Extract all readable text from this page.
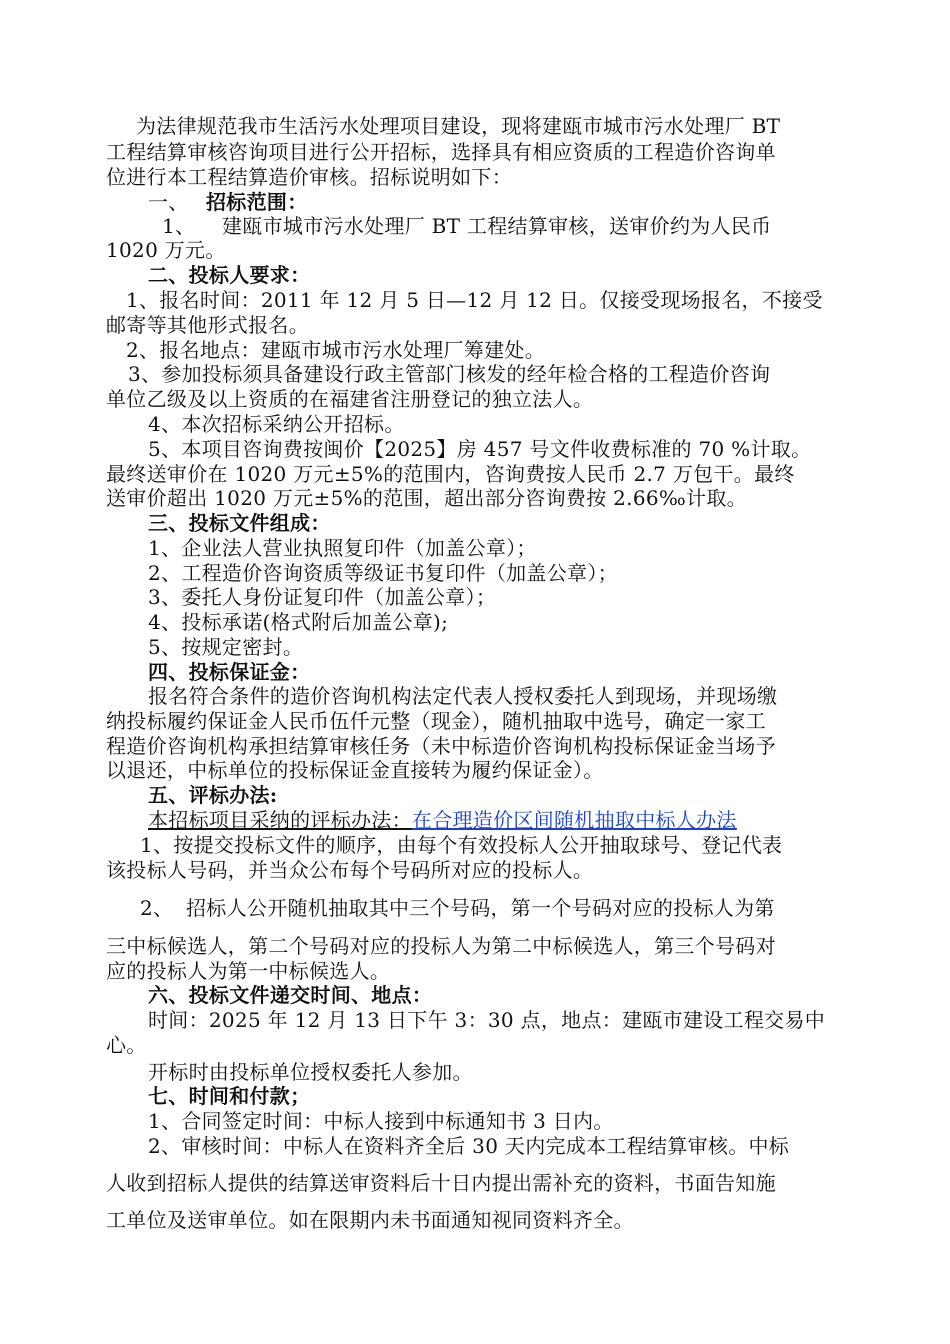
为法律规范我市生活污水处理项目建设，现将建瓯市城市污水处理厂 BT

工程结算审核咨询项目进行公开招标，选择具有相应资质的工程造价咨询单

位进行本工程结算造价审核。招标说明如下：

一、 招标范围：

1、 建瓯市城市污水处理厂 BT 工程结算审核，送审价约为人民币

1020 万元。

二、投标人要求：

1、报名时间：2011 年 12 月 5 日—12 月 12 日。仅接受现场报名，不接受

邮寄等其他形式报名。

2、报名地点：建瓯市城市污水处理厂筹建处。

3、参加投标须具备建设行政主管部门核发的经年检合格的工程造价咨询

单位乙级及以上资质的在福建省注册登记的独立法人。

4、本次招标采纳公开招标。

5、本项目咨询费按闽价【2025】房 457 号文件收费标准的 70 %计取。

最终送审价在 1020 万元±5%的范围内，咨询费按人民币 2.7 万包干。最终

送审价超出 1020 万元±5%的范围，超出部分咨询费按 2.66‰计取。

三、投标文件组成：

1、企业法人营业执照复印件（加盖公章）；

2、工程造价咨询资质等级证书复印件（加盖公章）；

3、委托人身份证复印件（加盖公章）；

4、投标承诺(格式附后加盖公章);

5、按规定密封。

四、投标保证金：

报名符合条件的造价咨询机构法定代表人授权委托人到现场，并现场缴

纳投标履约保证金人民币伍仟元整（现金），随机抽取中选号，确定一家工

程造价咨询机构承担结算审核任务（未中标造价咨询机构投标保证金当场予

以退还，中标单位的投标保证金直接转为履约保证金）。

五、评标办法:

本招标项目采纳的评标办法：在合理造价区间随机抽取中标人办法

1、按提交投标文件的顺序，由每个有效投标人公开抽取球号、登记代表

该投标人号码，并当众公布每个号码所对应的投标人。

2、 招标人公开随机抽取其中三个号码，第一个号码对应的投标人为第

三中标候选人，第二个号码对应的投标人为第二中标候选人，第三个号码对

应的投标人为第一中标候选人。

六、投标文件递交时间、地点：

时间：2025 年 12 月 13 日下午 3：30 点，地点：建瓯市建设工程交易中

心。

开标时由投标单位授权委托人参加。

七、时间和付款；

1、合同签定时间：中标人接到中标通知书 3 日内。

2、审核时间：中标人在资料齐全后 30 天内完成本工程结算审核。中标

人收到招标人提供的结算送审资料后十日内提出需补充的资料，书面告知施

工单位及送审单位。如在限期内未书面通知视同资料齐全。
